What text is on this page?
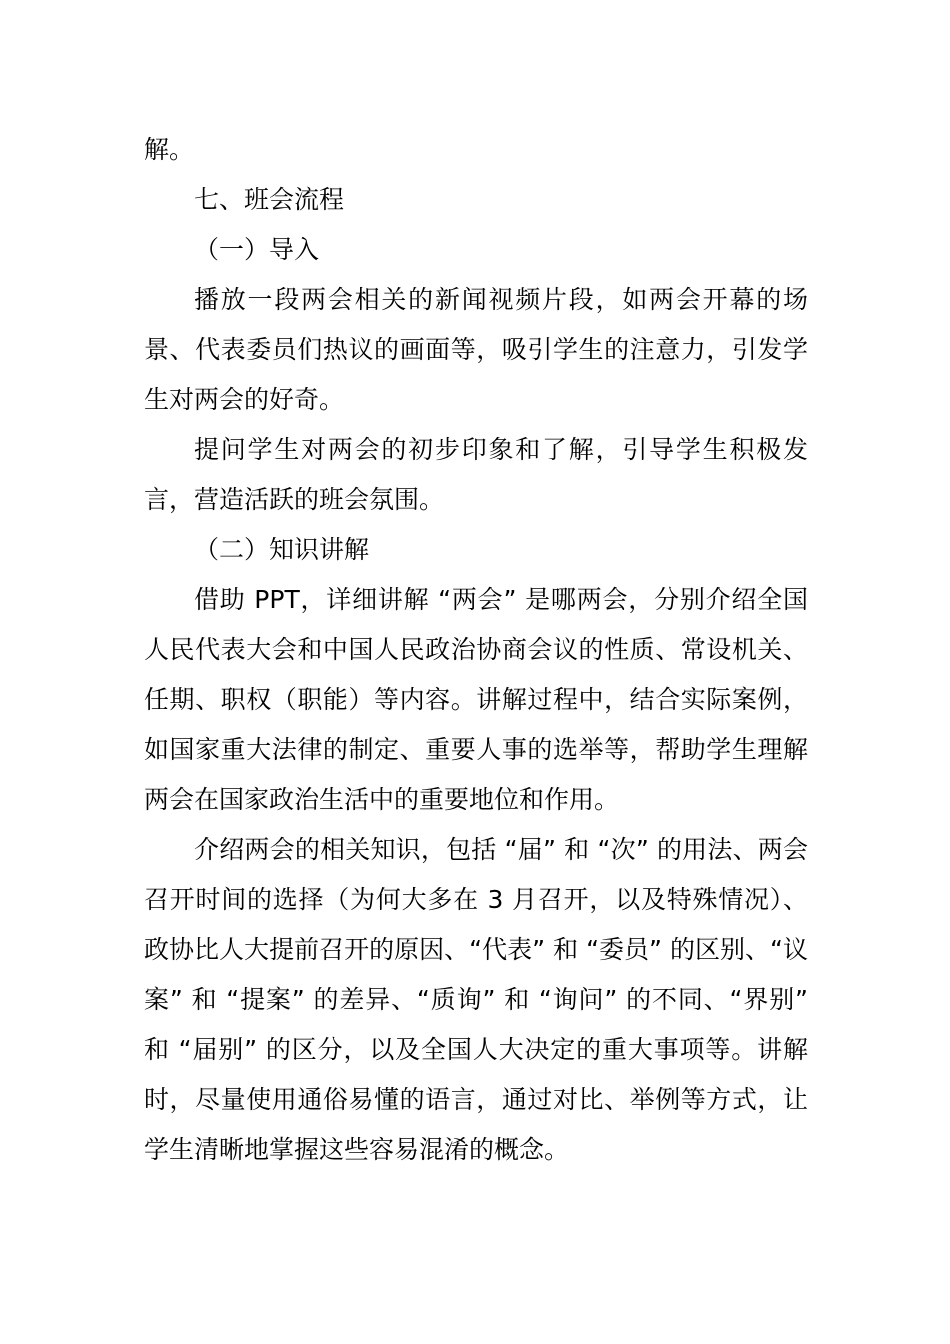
解。

七、班会流程

（一）导入

播放一段两会相关的新闻视频片段，如两会开幕的场景、代表委员们热议的画面等，吸引学生的注意力，引发学生对两会的好奇。

提问学生对两会的初步印象和了解，引导学生积极发言，营造活跃的班会氛围。

（二）知识讲解

借助 PPT，详细讲解 “两会” 是哪两会，分别介绍全国人民代表大会和中国人民政治协商会议的性质、常设机关、任期、职权（职能）等内容。讲解过程中，结合实际案例，如国家重大法律的制定、重要人事的选举等，帮助学生理解两会在国家政治生活中的重要地位和作用。

介绍两会的相关知识，包括 “届” 和 “次” 的用法、两会召开时间的选择（为何大多在 3 月召开，以及特殊情况）、政协比人大提前召开的原因、“代表” 和 “委员” 的区别、“议案” 和 “提案” 的差异、“质询” 和 “询问” 的不同、“界别” 和 “届别” 的区分，以及全国人大决定的重大事项等。讲解时，尽量使用通俗易懂的语言，通过对比、举例等方式，让学生清晰地掌握这些容易混淆的概念。
